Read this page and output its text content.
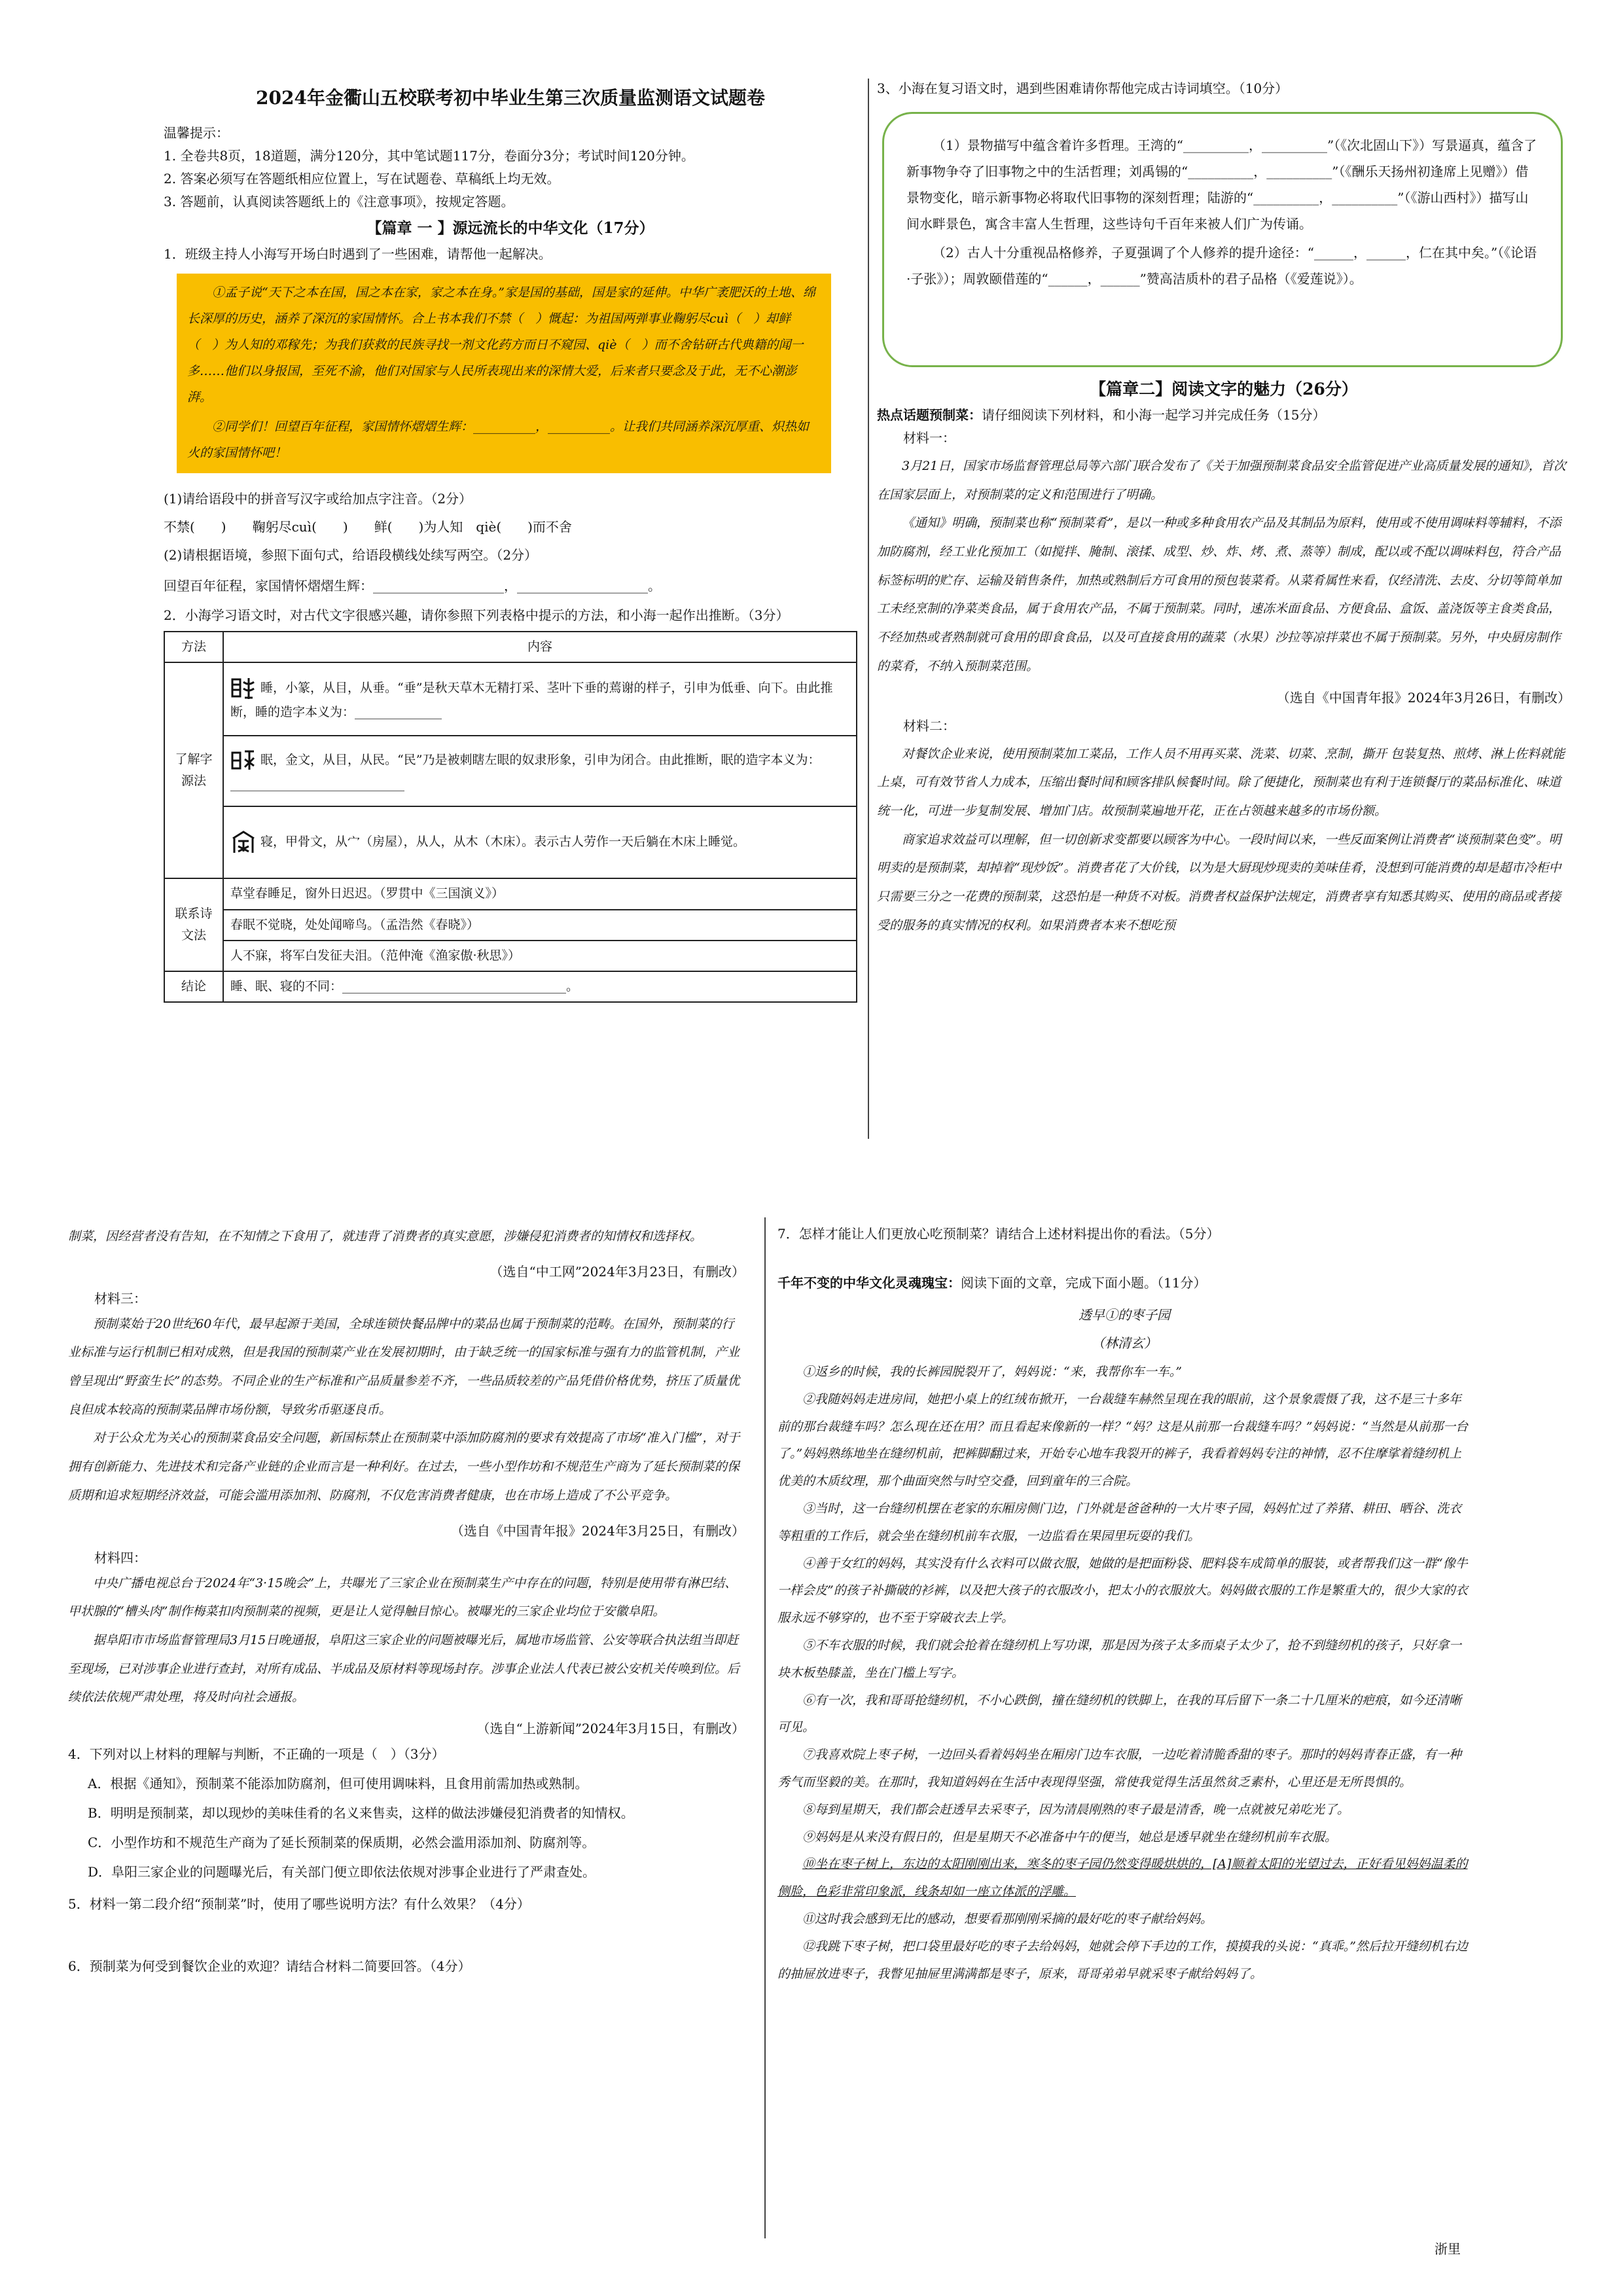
2024年金衢山五校联考初中毕业生第三次质量监测语文试题卷
温馨提示：
1. 全卷共8页，18道题，满分120分，其中笔试题117分，卷面分3分；考试时间120分钟。
2. 答案必须写在答题纸相应位置上，写在试题卷、草稿纸上均无效。
3. 答题前，认真阅读答题纸上的《注意事项》，按规定答题。
【篇章 一 】源远流长的中华文化（17分）
1．班级主持人小海写开场白时遇到了一些困难，请帮他一起解决。
①孟子说“天下之本在国，国之本在家，家之本在身。”家是国的基础，国是家的延伸。中华广袤肥沃的土地、绵长深厚的历史，涵养了深沉的家国情怀。合上书本我们不禁（　）慨起：为祖国两弹事业鞠躬尽cuì（　）却鲜（　）为人知的邓稼先；为我们获救的民族寻找一剂文化药方而日不窥园、qiè（　）而不舍钻研古代典籍的闻一多……他们以身报国，至死不渝，他们对国家与人民所表现出来的深情大爱，后来者只要念及于此，无不心潮澎湃。
②同学们！回望百年征程，家国情怀熠熠生辉：__________，__________。让我们共同涵养深沉厚重、炽热如火的家国情怀吧！
(1)请给语段中的拼音写汉字或给加点字注音。（2分）
不禁(　　)　　鞠躬尽cuì(　　)　　鲜(　　)为人知　qiè(　　)而不舍
(2)请根据语境，参照下面句式，给语段横线处续写两空。（2分）
回望百年征程，家国情怀熠熠生辉：____________________，____________________。
2．小海学习语文时，对古代文字很感兴趣，请你参照下列表格中提示的方法，和小海一起作出推断。（3分）
方法	内容
了解字源法	睡，小篆，从目，从垂。“垂”是秋天草木无精打采、茎叶下垂的蔫谢的样子，引申为低垂、向下。由此推断，睡的造字本义为：______________
	眠，金文，从目，从民。“民”乃是被刺瞎左眼的奴隶形象，引申为闭合。由此推断，眠的造字本义为：____________________________
	寝，甲骨文，从宀（房屋），从人，从木（木床）。表示古人劳作一天后躺在木床上睡觉。
联系诗文法	草堂春睡足，窗外日迟迟。（罗贯中《三国演义》）
	春眠不觉晓，处处闻啼鸟。（孟浩然《春晓》）
	人不寐，将军白发征夫泪。（范仲淹《渔家傲·秋思》）
结论	睡、眠、寝的不同：____________________________________。
3、小海在复习语文时，遇到些困难请你帮他完成古诗词填空。（10分）
（1）景物描写中蕴含着许多哲理。王湾的“__________，__________”（《次北固山下》）写景逼真，蕴含了新事物争夺了旧事物之中的生活哲理；刘禹锡的“__________，__________”（《酬乐天扬州初逢席上见赠》）借景物变化，暗示新事物必将取代旧事物的深刻哲理；陆游的“__________，__________”（《游山西村》）描写山间水畔景色，寓含丰富人生哲理，这些诗句千百年来被人们广为传诵。
（2）古人十分重视品格修养，子夏强调了个人修养的提升途径：“______，______，仁在其中矣。”（《论语·子张》）；周敦颐借莲的“______，______”赞高洁质朴的君子品格（《爱莲说》）。
【篇章二】阅读文字的魅力（26分）
热点话题预制菜：请仔细阅读下列材料，和小海一起学习并完成任务（15分）
材料一：
3月21日，国家市场监督管理总局等六部门联合发布了《关于加强预制菜食品安全监管促进产业高质量发展的通知》，首次在国家层面上，对预制菜的定义和范围进行了明确。
《通知》明确，预制菜也称“预制菜肴”，是以一种或多种食用农产品及其制品为原料，使用或不使用调味料等辅料，不添加防腐剂，经工业化预加工（如搅拌、腌制、滚揉、成型、炒、炸、烤、煮、蒸等）制成，配以或不配以调味料包，符合产品标签标明的贮存、运输及销售条件，加热或熟制后方可食用的预包装菜肴。从菜肴属性来看，仅经清洗、去皮、分切等简单加工未经烹制的净菜类食品，属于食用农产品，不属于预制菜。同时，速冻米面食品、方便食品、盒饭、盖浇饭等主食类食品，不经加热或者熟制就可食用的即食食品，以及可直接食用的蔬菜（水果）沙拉等凉拌菜也不属于预制菜。另外，中央厨房制作的菜肴，不纳入预制菜范围。
（选自《中国青年报》2024年3月26日，有删改）
材料二：
对餐饮企业来说，使用预制菜加工菜品，工作人员不用再买菜、洗菜、切菜、烹制，撕开 包装复热、煎烤、淋上佐料就能上桌，可有效节省人力成本，压缩出餐时间和顾客排队候餐时间。除了便捷化，预制菜也有利于连锁餐厅的菜品标准化、味道统一化，可进一步复制发展、增加门店。故预制菜遍地开花，正在占领越来越多的市场份额。
商家追求效益可以理解，但一切创新求变都要以顾客为中心。一段时间以来，一些反面案例让消费者“谈预制菜色变”。明明卖的是预制菜，却掉着“现炒饭”。消费者花了大价钱，以为是大厨现炒现卖的美味佳肴，没想到可能消费的却是超市冷柜中只需要三分之一花费的预制菜，这恐怕是一种货不对板。消费者权益保护法规定，消费者享有知悉其购买、使用的商品或者接受的服务的真实情况的权利。如果消费者本来不想吃预
制菜，因经营者没有告知，在不知情之下食用了，就违背了消费者的真实意愿，涉嫌侵犯消费者的知情权和选择权。
（选自“中工网”2024年3月23日，有删改）
材料三：
预制菜始于20世纪60年代，最早起源于美国，全球连锁快餐品牌中的菜品也属于预制菜的范畴。在国外，预制菜的行业标准与运行机制已相对成熟，但是我国的预制菜产业在发展初期时，由于缺乏统一的国家标准与强有力的监管机制，产业曾呈现出“野蛮生长”的态势。不同企业的生产标准和产品质量参差不齐，一些品质较差的产品凭借价格优势，挤压了质量优良但成本较高的预制菜品牌市场份额，导致劣币驱逐良币。
对于公众尤为关心的预制菜食品安全问题，新国标禁止在预制菜中添加防腐剂的要求有效提高了市场“准入门槛”，对于拥有创新能力、先进技术和完备产业链的企业而言是一种利好。在过去，一些小型作坊和不规范生产商为了延长预制菜的保质期和追求短期经济效益，可能会滥用添加剂、防腐剂，不仅危害消费者健康，也在市场上造成了不公平竞争。
（选自《中国青年报》2024年3月25日，有删改）
材料四：
中央广播电视总台于2024年“3·15晚会”上，共曝光了三家企业在预制菜生产中存在的问题，特别是使用带有淋巴结、甲状腺的“槽头肉”制作梅菜扣肉预制菜的视频，更是让人觉得触目惊心。被曝光的三家企业均位于安徽阜阳。
据阜阳市市场监督管理局3月15日晚通报，阜阳这三家企业的问题被曝光后，属地市场监管、公安等联合执法组当即赶至现场，已对涉事企业进行查封，对所有成品、半成品及原材料等现场封存。涉事企业法人代表已被公安机关传唤到位。后续依法依规严肃处理，将及时向社会通报。
（选自“上游新闻”2024年3月15日，有删改）
4．下列对以上材料的理解与判断，不正确的一项是（　）（3分）
A．根据《通知》，预制菜不能添加防腐剂，但可使用调味料，且食用前需加热或熟制。
B．明明是预制菜，却以现炒的美味佳肴的名义来售卖，这样的做法涉嫌侵犯消费者的知情权。
C．小型作坊和不规范生产商为了延长预制菜的保质期，必然会滥用添加剂、防腐剂等。
D．阜阳三家企业的问题曝光后，有关部门便立即依法依规对涉事企业进行了严肃查处。
5．材料一第二段介绍“预制菜”时，使用了哪些说明方法？有什么效果？（4分）
6．预制菜为何受到餐饮企业的欢迎？请结合材料二简要回答。（4分）
7．怎样才能让人们更放心吃预制菜？请结合上述材料提出你的看法。（5分）
千年不变的中华文化灵魂瑰宝：阅读下面的文章，完成下面小题。（11分）
透早①的枣子园
（林清玄）
①返乡的时候，我的长裤园脱裂开了，妈妈说：“来，我帮你车一车。”
②我随妈妈走进房间，她把小桌上的红绒布掀开，一台裁缝车赫然呈现在我的眼前，这个景象震慑了我，这不是三十多年前的那台裁缝车吗？怎么现在还在用？而且看起来像新的一样？“妈？这是从前那一台裁缝车吗？”妈妈说：“当然是从前那一台了。”妈妈熟练地坐在缝纫机前，把裤脚翻过来，开始专心地车我裂开的裤子，我看着妈妈专注的神情，忍不住摩挲着缝纫机上优美的木质纹理，那个曲面突然与时空交叠，回到童年的三合院。
③当时，这一台缝纫机摆在老家的东厢房侧门边，门外就是爸爸种的一大片枣子园，妈妈忙过了养猪、耕田、晒谷、洗衣等粗重的工作后，就会坐在缝纫机前车衣服，一边监看在果园里玩耍的我们。
④善于女红的妈妈，其实没有什么衣料可以做衣服，她做的是把面粉袋、肥料袋车成简单的服装，或者帮我们这一群“像牛一样会皮”的孩子补撕破的衫裤，以及把大孩子的衣服改小，把太小的衣服放大。妈妈做衣服的工作是繁重大的，很少大家的衣服永远不够穿的，也不至于穿破衣去上学。
⑤不车衣服的时候，我们就会抢着在缝纫机上写功课，那是因为孩子太多而桌子太少了，抢不到缝纫机的孩子，只好拿一块木板垫膝盖，坐在门槛上写字。
⑥有一次，我和哥哥抢缝纫机，不小心跌倒，撞在缝纫机的铁脚上，在我的耳后留下一条二十几厘米的疤痕，如今还清晰可见。
⑦我喜欢院上枣子树，一边回头看着妈妈坐在厢房门边车衣服，一边吃着清脆香甜的枣子。那时的妈妈青春正盛，有一种秀气而坚毅的美。在那时，我知道妈妈在生活中表现得坚强，常使我觉得生活虽然贫乏素朴，心里还是无所畏惧的。
⑧每到星期天，我们都会赶透早去采枣子，因为清晨刚熟的枣子最是清香，晚一点就被兄弟吃光了。
⑨妈妈是从来没有假日的，但是星期天不必准备中午的便当，她总是透早就坐在缝纫机前车衣服。
⑩坐在枣子树上，东边的太阳刚刚出来，寒冬的枣子园仍然变得暖烘烘的，[A]顺着太阳的光望过去，正好看见妈妈温柔的侧脸，色彩非常印象派，线条却如一座立体派的浮雕。
⑪这时我会感到无比的感动，想要看那刚刚采摘的最好吃的枣子献给妈妈。
⑫我跳下枣子树，把口袋里最好吃的枣子去给妈妈，她就会停下手边的工作，摸摸我的头说：“真乖。”然后拉开缝纫机右边的抽屉放进枣子，我瞥见抽屉里满满都是枣子，原来，哥哥弟弟早就采枣子献给妈妈了。
浙里
